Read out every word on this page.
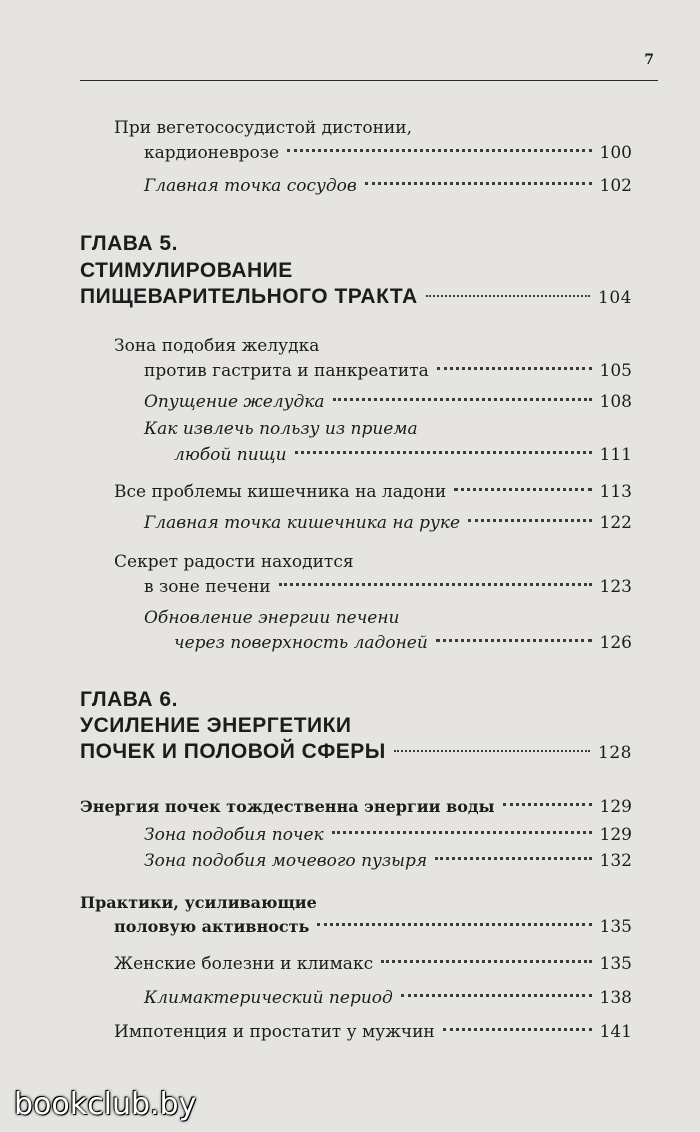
7
При вегетососудистой дистонии,
кардионеврозе	100
Главная точка сосудов	102
ГЛАВА 5.
СТИМУЛИРОВАНИЕ
ПИЩЕВАРИТЕЛЬНОГО ТРАКТА	104
Зона подобия желудка
против гастрита и панкреатита	105
Опущение желудка	108
Как извлечь пользу из приема
любой пищи	111
Все проблемы кишечника на ладони	113
Главная точка кишечника на руке	122
Секрет радости находится
в зоне печени	123
Обновление энергии печени
через поверхность ладоней	126
ГЛАВА 6.
УСИЛЕНИЕ ЭНЕРГЕТИКИ
ПОЧЕК И ПОЛОВОЙ СФЕРЫ	128
Энергия почек тождественна энергии воды	129
Зона подобия почек	129
Зона подобия мочевого пузыря	132
Практики, усиливающие
половую активность	135
Женские болезни и климакс	135
Климактерический период	138
Импотенция и простатит у мужчин	141
bookclub.by
